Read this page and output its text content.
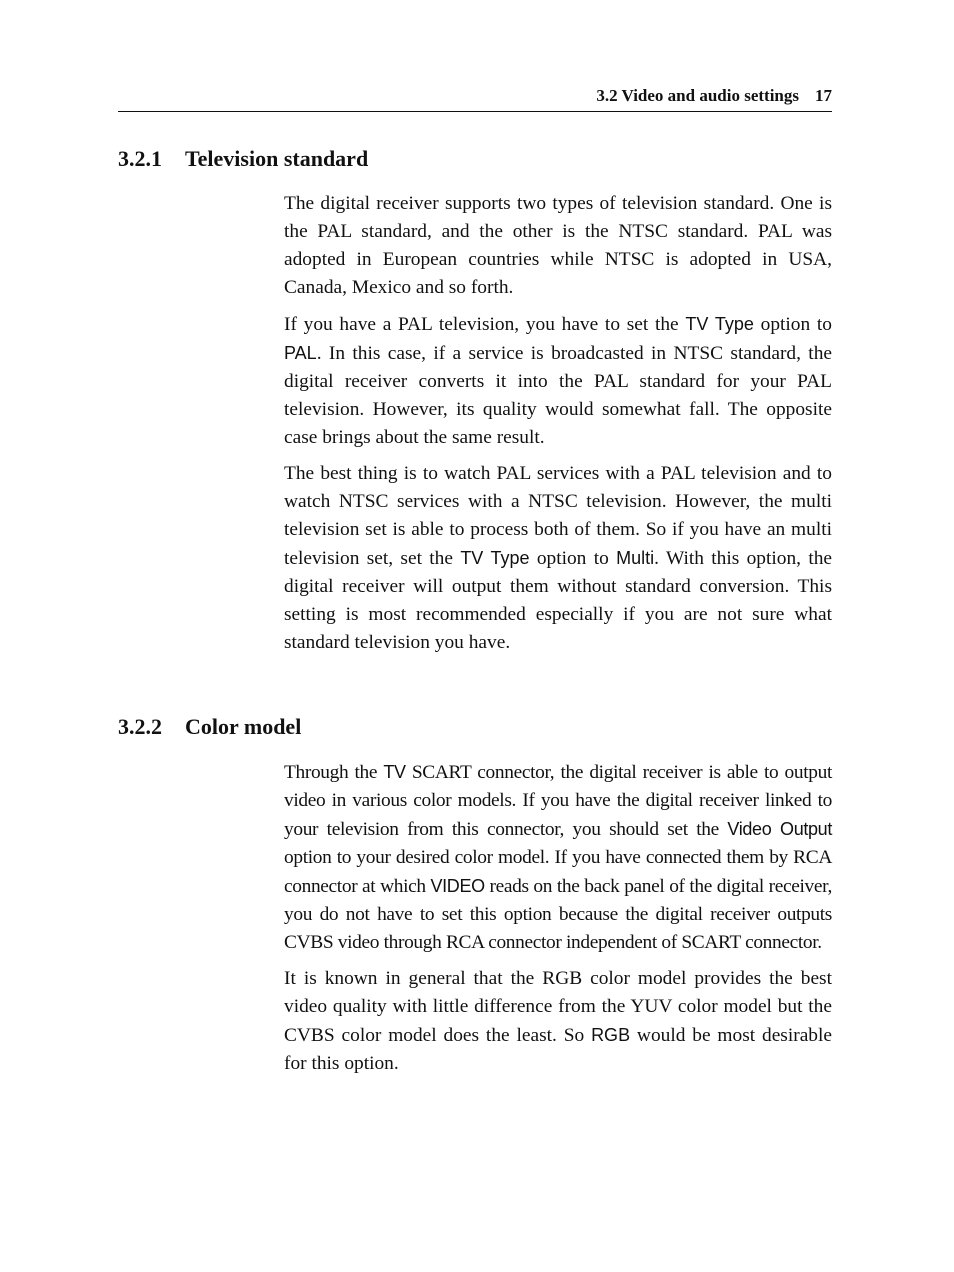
3.2 Video and audio settings 17
3.2.1 Television standard

The digital receiver supports two types of television standard. One is the PAL standard, and the other is the NTSC standard. PAL was adopted in European countries while NTSC is adopted in USA, Canada, Mexico and so forth.

If you have a PAL television, you have to set the TV Type option to PAL. In this case, if a service is broadcasted in NTSC standard, the digital receiver converts it into the PAL standard for your PAL television. However, its quality would somewhat fall. The opposite case brings about the same result.

The best thing is to watch PAL services with a PAL television and to watch NTSC services with a NTSC television. However, the multi television set is able to process both of them. So if you have an multi television set, set the TV Type option to Multi. With this option, the digital receiver will output them without standard conversion. This setting is most recommended especially if you are not sure what standard television you have.

3.2.2 Color model

Through the TV SCART connector, the digital receiver is able to output video in various color models. If you have the digital receiver linked to your television from this connector, you should set the Video Output option to your desired color model. If you have connected them by RCA connector at which VIDEO reads on the back panel of the digital receiver, you do not have to set this option because the digital receiver outputs CVBS video through RCA connector independent of SCART connector.

It is known in general that the RGB color model provides the best video quality with little difference from the YUV color model but the CVBS color model does the least. So RGB would be most desirable for this option.
